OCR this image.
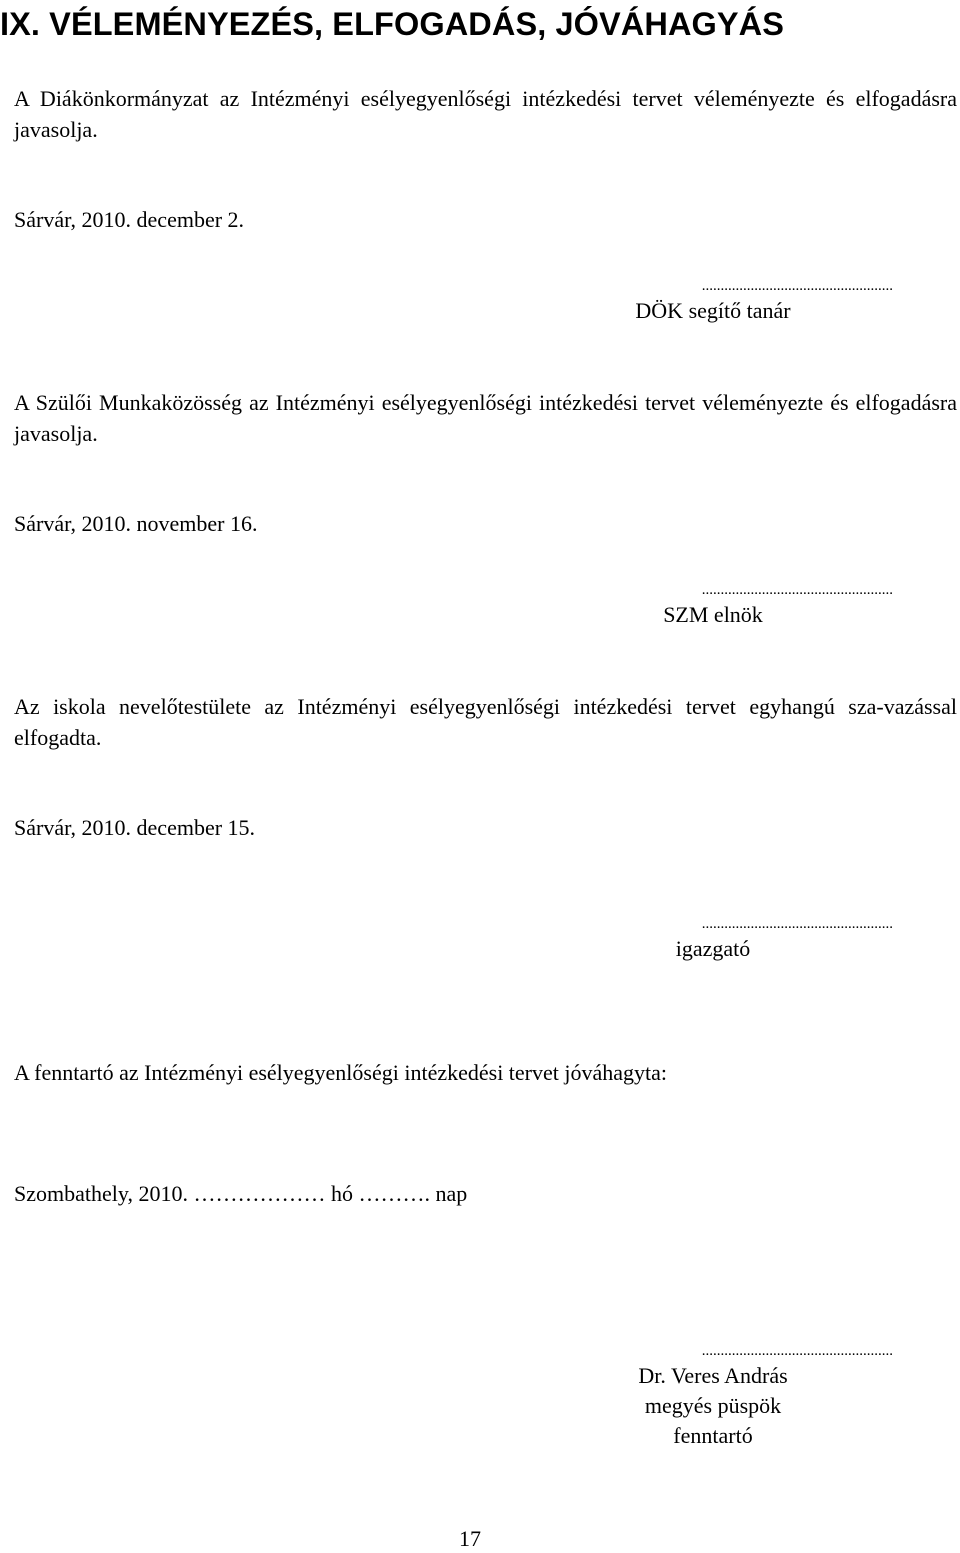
IX. VÉLEMÉNYEZÉS, ELFOGADÁS, JÓVÁHAGYÁS

A Diákönkormányzat az Intézményi esélyegyenlőségi intézkedési tervet véleményezte és elfogadásra javasolja.

Sárvár, 2010. december 2.

...................................................
DÖK segítő tanár

A Szülői Munkaközösség az Intézményi esélyegyenlőségi intézkedési tervet véleményezte és elfogadásra javasolja.

Sárvár, 2010. november 16.

...................................................
SZM elnök

Az iskola nevelőtestülete az Intézményi esélyegyenlőségi intézkedési tervet egyhangú sza-vazással elfogadta.

Sárvár, 2010. december 15.

...................................................
igazgató

A fenntartó az Intézményi esélyegyenlőségi intézkedési tervet jóváhagyta:

Szombathely, 2010. ……………… hó ………. nap

...................................................
Dr. Veres András
megyés püspök
fenntartó
17
